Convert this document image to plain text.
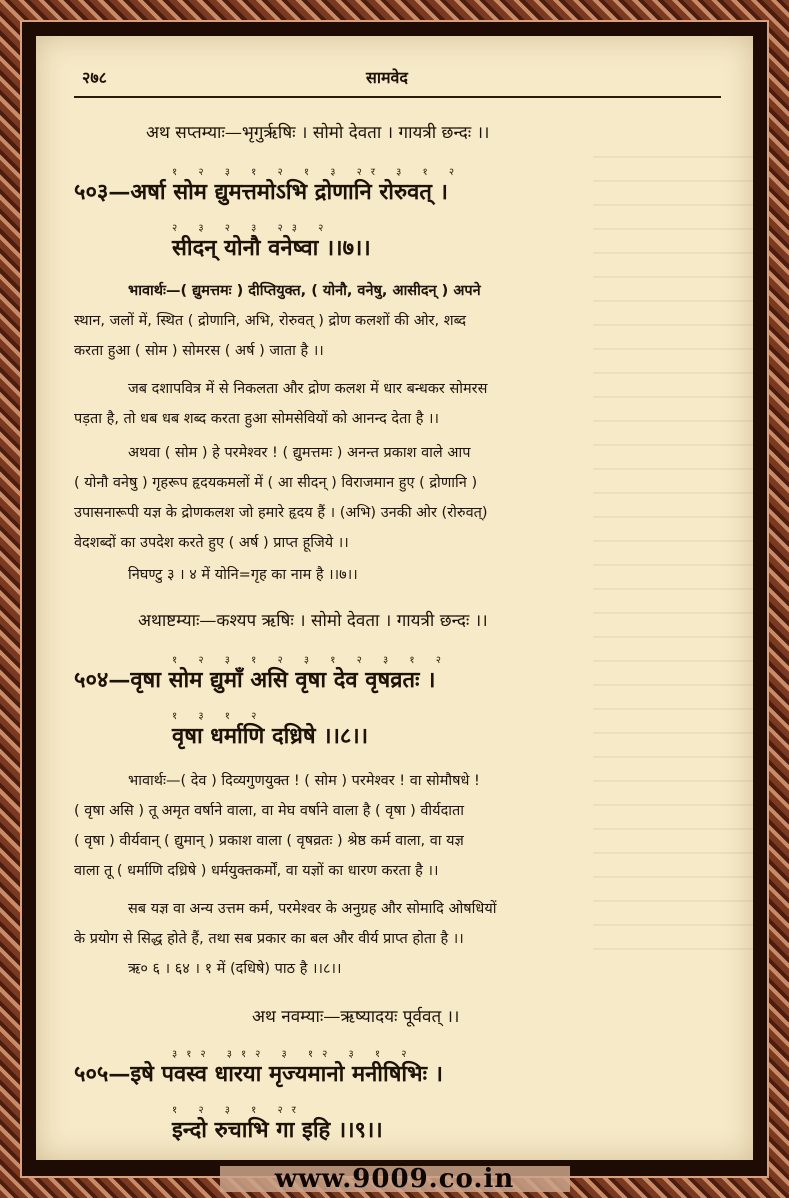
२७८	सामवेद
अथ सप्तम्याः—भृगुर्ऋषिः । सोमो देवता । गायत्री छन्दः ।।
१ २ ३ १ २ १ ३ २र ३ १ २
५०३—अर्षा सोम द्युमत्तमोऽभि द्रोणानि रोरुवत् ।
२ ३ २ ३ २३ २
सीदन् योनौ वनेष्वा ।।७।।
भावार्थः—( द्युमत्तमः ) दीप्तियुक्त, ( योनौ, वनेषु, आसीदन् ) अपने
स्थान, जलों में, स्थित ( द्रोणानि, अभि, रोरुवत् ) द्रोण कलशों की ओर, शब्द
करता हुआ ( सोम ) सोमरस ( अर्ष ) जाता है ।।
जब दशापवित्र में से निकलता और द्रोण कलश में धार बन्धकर सोमरस
पड़ता है, तो धब धब शब्द करता हुआ सोमसेवियों को आनन्द देता है ।।
अथवा ( सोम ) हे परमेश्वर ! ( द्युमत्तमः ) अनन्त प्रकाश वाले आप
( योनौ वनेषु ) गृहरूप हृदयकमलों में ( आ सीदन् ) विराजमान हुए ( द्रोणानि )
उपासनारूपी यज्ञ के द्रोणकलश जो हमारे हृदय हैं । (अभि) उनकी ओर (रोरुवत्)
वेदशब्दों का उपदेश करते हुए ( अर्ष ) प्राप्त हूजिये ।।
निघण्टु ३ । ४ में योनि=गृह का नाम है ।।७।।
अथाष्टम्याः—कश्यप ऋषिः । सोमो देवता । गायत्री छन्दः ।।
१ २ ३ १ २ ३ १ २ ३ १ २
५०४—वृषा सोम द्युमाँ असि वृषा देव वृषव्रतः ।
१ ३ १ २
वृषा धर्माणि दध्रिषे ।।८।।
भावार्थः—( देव ) दिव्यगुणयुक्त ! ( सोम ) परमेश्वर ! वा सोमौषधे !
( वृषा असि ) तू अमृत वर्षाने वाला, वा मेघ वर्षाने वाला है ( वृषा ) वीर्यदाता
( वृषा ) वीर्यवान् ( द्युमान् ) प्रकाश वाला ( वृषव्रतः ) श्रेष्ठ कर्म वाला, वा यज्ञ
वाला तू ( धर्माणि दध्रिषे ) धर्मयुक्तकर्मों, वा यज्ञों का धारण करता है ।।
सब यज्ञ वा अन्य उत्तम कर्म, परमेश्वर के अनुग्रह और सोमादि ओषधियों
के प्रयोग से सिद्ध होते हैं, तथा सब प्रकार का बल और वीर्य प्राप्त होता है ।।
ऋ० ६ । ६४ । १ में (दधिषे) पाठ है ।।८।।
अथ नवम्याः—ऋष्यादयः पूर्ववत् ।।
३१२ ३१२ ३ १२ ३ १ २
५०५—इषे पवस्व धारया मृज्यमानो मनीषिभिः ।
१ २ ३ १ २र
इन्दो रुचाभि गा इहि ।।९।।
www.9009.co.in
